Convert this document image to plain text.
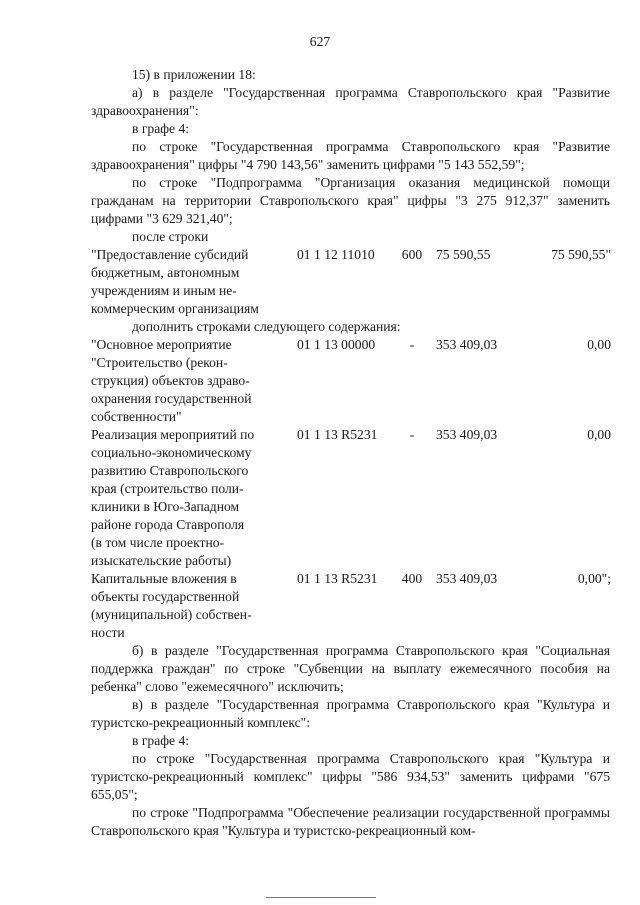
627

15) в приложении 18:

а) в разделе "Государственная программа Ставропольского края "Развитие здравоохранения":

в графе 4:

по строке "Государственная программа Ставропольского края "Развитие здравоохранения" цифры "4 790 143,56" заменить цифрами "5 143 552,59";

по строке "Подпрограмма "Организация оказания медицинской помощи гражданам на территории Ставропольского края" цифры "3 275 912,37" заменить цифрами "3 629 321,40";

после строки

"Предоставление субсидий
бюджетным, автономным
учреждениям и иным не-
коммерческим организациям
01 1 12 11010	600	75 590,55	75 590,55"

дополнить строками следующего содержания:

"Основное мероприятие
"Строительство (рекон-
струкция) объектов здраво-
охранения государственной
собственности"
01 1 13 00000	-	353 409,03	0,00
Реализация мероприятий по
социально-экономическому
развитию Ставропольского
края (строительство поли-
клиники в Юго-Западном
районе города Ставрополя
(в том числе проектно-
изыскательские работы)
01 1 13 R5231	-	353 409,03	0,00
Капитальные вложения в
объекты государственной
(муниципальной) собствен-
ности
01 1 13 R5231	400	353 409,03	0,00";

б) в разделе "Государственная программа Ставропольского края "Социальная поддержка граждан" по строке "Субвенции на выплату ежемесячного пособия на ребенка" слово "ежемесячного" исключить;

в) в разделе "Государственная программа Ставропольского края "Культура и туристско-рекреационный комплекс":

в графе 4:

по строке "Государственная программа Ставропольского края "Культура и туристско-рекреационный комплекс" цифры "586 934,53" заменить цифрами "675 655,05";

по строке "Подпрограмма "Обеспечение реализации государственной программы Ставропольского края "Культура и туристско-рекреационный ком-
